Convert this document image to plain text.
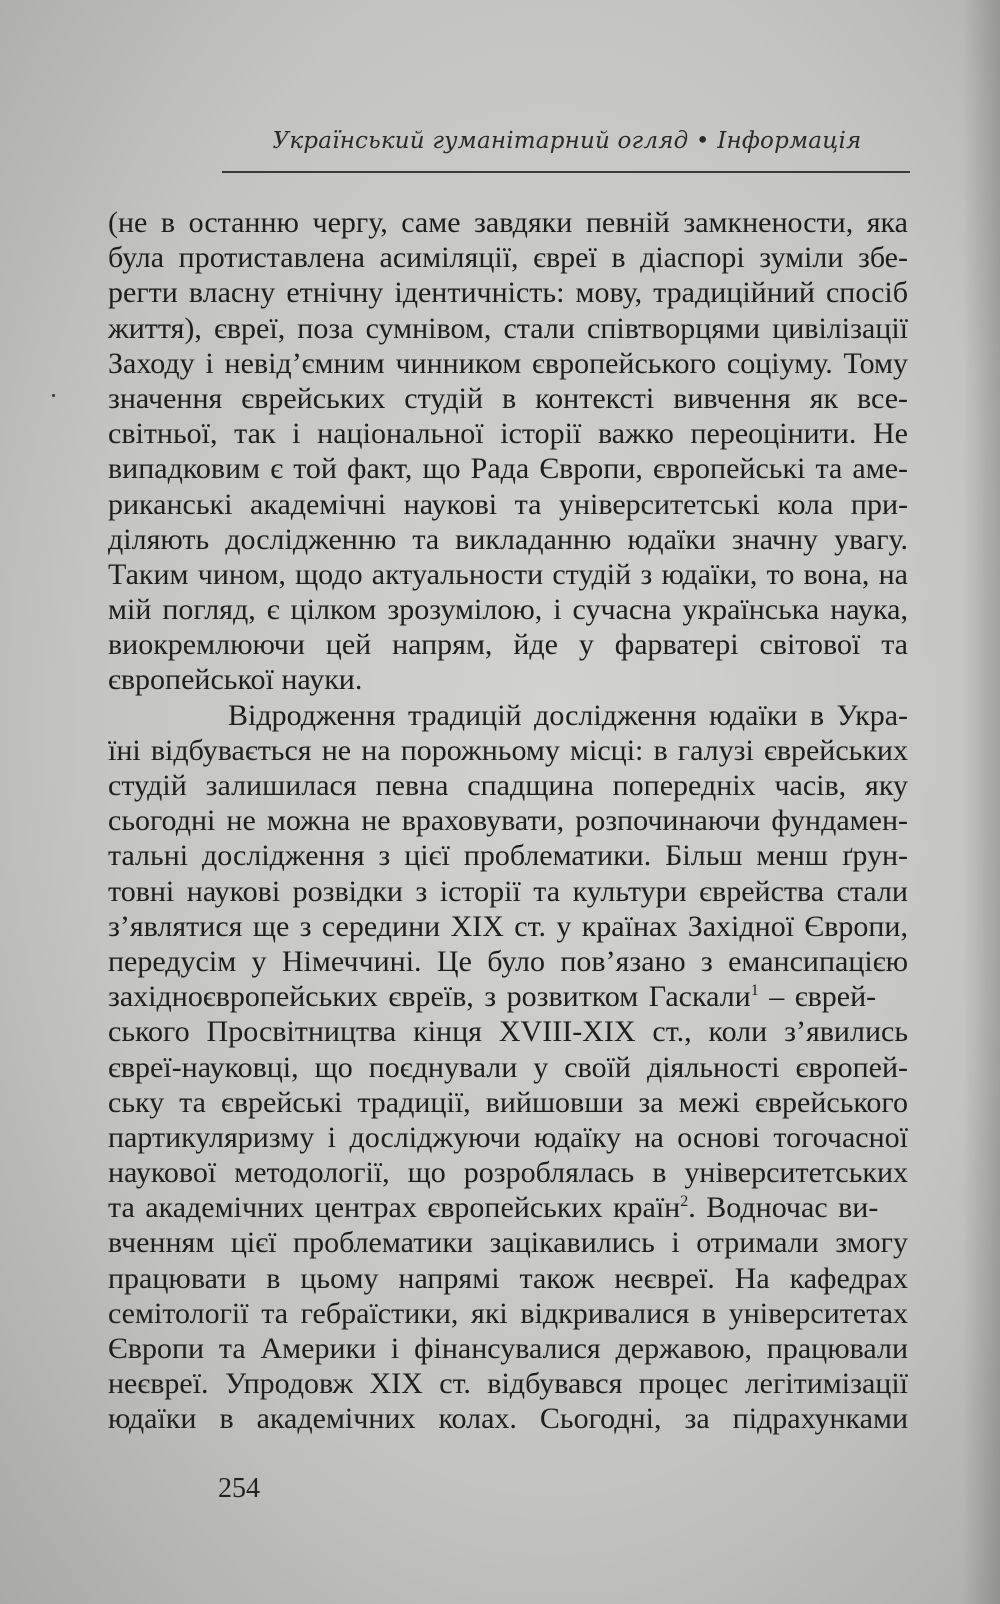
Український гуманітарний огляд • Інформація
(не в останню чергу, саме завдяки певній замкнености, яка
була протиставлена асиміляції, євреї в діаспорі зуміли збе-
регти власну етнічну ідентичність: мову, традиційний спосіб
життя), євреї, поза сумнівом, стали співтворцями цивілізації
Заходу і невід’ємним чинником європейського соціуму. Тому
значення єврейських студій в контексті вивчення як все-
світньої, так і національної історії важко переоцінити. Не
випадковим є той факт, що Рада Європи, європейські та аме-
риканські академічні наукові та університетські кола при-
діляють дослідженню та викладанню юдаїки значну увагу.
Таким чином, щодо актуальности студій з юдаїки, то вона, на
мій погляд, є цілком зрозумілою, і сучасна українська наука,
виокремлюючи цей напрям, йде у фарватері світової та
європейської науки.
Відродження традицій дослідження юдаїки в Укра-
їні відбувається не на порожньому місці: в галузі єврейських
студій залишилася певна спадщина попередніх часів, яку
сьогодні не можна не враховувати, розпочинаючи фундамен-
тальні дослідження з цієї проблематики. Більш менш ґрун-
товні наукові розвідки з історії та культури єврейства стали
з’являтися ще з середини XIX ст. у країнах Західної Європи,
передусім у Німеччині. Це було пов’язано з емансипацією
західноєвропейських євреїв, з розвитком Гаскали$^1$ – єврей-
ського Просвітництва кінця XVIII-XIX ст., коли з’явились
євреї-науковці, що поєднували у своїй діяльності європей-
ську та єврейські традиції, вийшовши за межі єврейського
партикуляризму і досліджуючи юдаїку на основі тогочасної
наукової методології, що розроблялась в університетських
та академічних центрах європейських країн$^2$. Водночас ви-
вченням цієї проблематики зацікавились і отримали змогу
працювати в цьому напрямі також неєвреї. На кафедрах
семітології та гебраїстики, які відкривалися в університетах
Європи та Америки і фінансувалися державою, працювали
неєвреї. Упродовж XIX ст. відбувався процес легітимізації
юдаїки в академічних колах. Сьогодні, за підрахунками
254
